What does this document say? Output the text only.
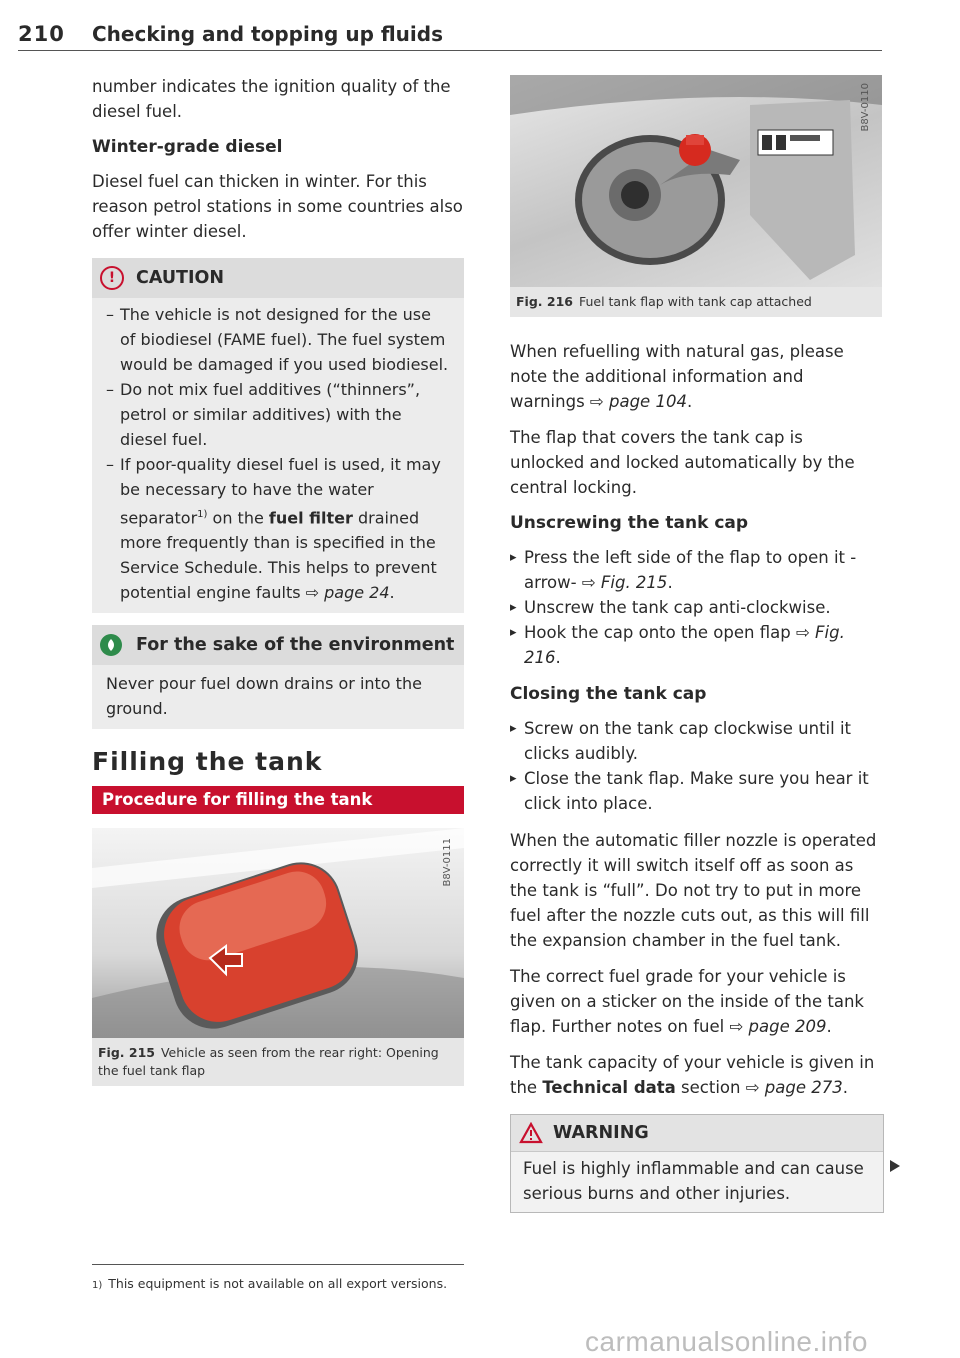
210 Checking and topping up fluids

number indicates the ignition quality of the diesel fuel.

Winter-grade diesel

Diesel fuel can thicken in winter. For this reason petrol stations in some countries also offer winter diesel.

!	CAUTION
– The vehicle is not designed for the use of biodiesel (FAME fuel). The fuel system would be damaged if you used biodiesel.
– Do not mix fuel additives (“thinners”, petrol or similar additives) with the diesel fuel.
– If poor-quality diesel fuel is used, it may be necessary to have the water separator$^{1)}$ on the fuel filter drained more frequently than is specified in the Service Schedule. This helps to prevent potential engine faults ⇨ page 24.
For the sake of the environment
Never pour fuel down drains or into the ground.
Filling the tank
Procedure for filling the tank
B8V-0111
Fig. 215 Vehicle as seen from the rear right: Opening the fuel tank flap
B8V-0110
Fig. 216 Fuel tank flap with tank cap attached

When refuelling with natural gas, please note the additional information and warnings ⇨ page 104.

The flap that covers the tank cap is unlocked and locked automatically by the central locking.

Unscrewing the tank cap
▸ Press the left side of the flap to open it -arrow- ⇨ Fig. 215.
▸ Unscrew the tank cap anti-clockwise.
▸ Hook the cap onto the open flap ⇨ Fig. 216.
Closing the tank cap
▸ Screw on the tank cap clockwise until it clicks audibly.
▸ Close the tank flap. Make sure you hear it click into place.

When the automatic filler nozzle is operated correctly it will switch itself off as soon as the tank is “full”. Do not try to put in more fuel after the nozzle cuts out, as this will fill the expansion chamber in the fuel tank.

The correct fuel grade for your vehicle is given on a sticker on the inside of the tank flap. Further notes on fuel ⇨ page 209.

The tank capacity of your vehicle is given in the Technical data section ⇨ page 273.

WARNING
Fuel is highly inflammable and can cause serious burns and other injuries.
1) This equipment is not available on all export versions.
carmanualsonline.info
